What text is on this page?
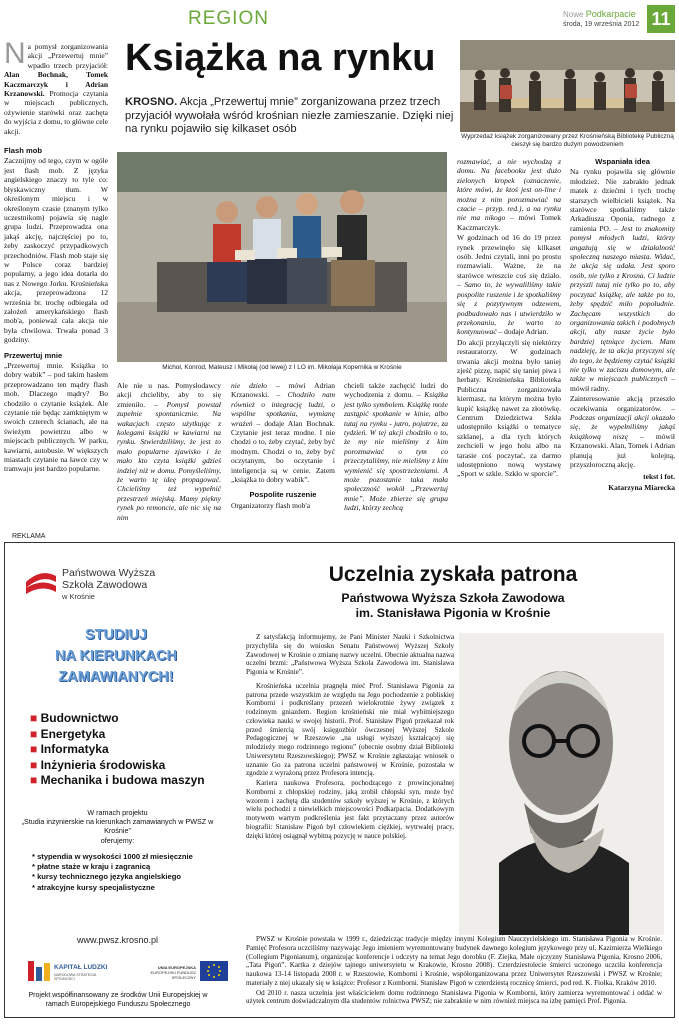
REGION	Nowe Podkarpacie
środa, 19 września 2012 11
Książka na rynku
KROSNO. Akcja „Przewertuj mnie” zorganizowana przez trzech przyjaciół wywołała wśród krośnian niezłe zamieszanie. Dzięki niej na rynku pojawiło się kilkaset osób
Wyprzedaż książek zorganizowany przez Krośnieńską Bibliotekę Publiczną cieszył się bardzo dużym powodzeniem

N a pomysł zorganizowania akcji „Przewertuj mnie” wpadło trzech przyjaciół: Alan Bochnak, Tomek Kaczmarczyk i Adrian Krzanowski. Promocja czytania w miejscach publicznych, ożywienie starówki oraz zachęta do wyjścia z domu, to główne cele akcji.

Flash mob

Zacznijmy od tego, czym w ogóle jest flash mob. Z języka angielskiego znaczy to tyle co: błyskawiczny tłum. W określonym miejscu i w określonym czasie (znanym tylko uczestnikom) pojawia się nagle grupa ludzi. Przeprowadza ona jakąś akcję, najczęściej po to, żeby zaskoczyć przypadkowych przechodniów. Flash mob staje się w Polsce coraz bardziej popularny, a jego idea dotarła do nas z Nowego Jorku. Krośnieńska akcja, przeprowadzona 12 września br. trochę odbiegała od założeń amerykańskiego flash mob'a, ponieważ cała akcja nie była chwilowa. Trwała ponad 3 godziny.

Przewertuj mnie

„Przewertuj mnie. Książka to dobry wabik” – pod takim hasłem przeprowadzano ten mądry flash mob. Dlaczego mądry? Bo chodziło o czytanie książek. Ale czytanie nie będąc zamkniętym w swoich czterech ścianach, ale na świeżym powietrzu albo w miejscach publicznych. W parku, kawiarni, autobusie. W większych miastach czytanie na ławce czy w tramwaju jest bardzo popularne.

Michoł, Konrod, Mateusz i Mikołaj (od lewej) z I LO im. Mikołaja Kopernika w Krośnie

Ale nie u nas. Pomysłodawcy akcji chcieliby, aby to się zmieniło. – Pomysł powstał zupełnie spontanicznie. Na wakacjach często użytkując z kolegami książki w kawiarni na rynku. Stwierdziliśmy, że jest to mało popularne zjawisko i że mało kto czyta książki gdzieś indziej niż w domu. Pomyśleliśmy, że warto tę ideę propagować. Chcieliśmy też wypełnić przestrzeń miejską. Mamy piękny rynek po remoncie, ale nic się na nim

nie dzieło – mówi Adrian Krzanowski. – Chodziło nam również o integrację ludzi, o wspólne spotkania, wymianę wrażeń – dodaje Alan Bochnak. Czytanie jest teraz modne. I nie chodzi o to, żeby czytać, żeby być modnym. Chodzi o to, żeby być oczytanym, bo oczytanie i inteligencja są w cenie. Zatem „książka to dobry wabik”.

Pospolite ruszenie

Organizatorzy flash mob'a

chcieli także zachęcić ludzi do wychodzenia z domu. – Książka jest tylko symbolem. Książkę może zastąpić spotkanie w kinie, albo tutaj na rynku - jutro, pojutrze, za tydzień. W tej akcji chodziło o to, że my nie mieliśmy z kim porozmawiać o tym co przeczytaliśmy, nie mieliśmy z kim wymienić się spostrzeżeniami. A może pozostanie taka mała społeczność wokół „Przewertuj mnie”. Może zbierze się grupa ludzi, którzy zechcą

rozmawiać, a nie wychodzą z domu. Na facebooku jest dużo zielonych kropek (oznaczenie, które mówi, że ktoś jest on-line i można z nim porozmawiać na czacie – przyp. red.), a na rynku nie ma nikogo – mówi Tomek Kaczmarczyk.

W godzinach od 16 do 19 przez rynek przewinęło się kilkaset osób. Jedni czytali, inni po prostu rozmawiali. Ważne, że na starówce wreszcie coś się działo. – Samo to, że wywaliliśmy takie pospolite ruszenie i że spotkaliśmy się z pozytywnym odzewem, podbudowało nas i utwierdziło w przekonaniu, że warto to kontynuować – dodaje Adrian.

Do akcji przyłączyli się niektórzy restauratorzy. W godzinach trwania akcji można było taniej zjeść pizzę, napić się taniej piwa i herbaty. Krośnieńska Biblioteka Publiczna zorganizowała kiermasz, na którym można było kupić książkę nawet za złotówkę. Centrum Dziedzictwa Szkła udostępniło książki o tematyce szklanej, a dla tych których zechcieli w jego holu albo na tarasie coś poczytać, za darmo udostępniono nową wystawę „Sport w szkle. Szkło w sporcie”.

Wspaniała idea

Na rynku pojawiła się głównie młodzież. Nie zabrakło jednak matek z dziećmi i tych trochę starszych wielbicieli książek. Na starówce spotkaliśmy także Arkadiusza Oponia, radnego z ramienia PO. – Jest to znakomity pomysł młodych ludzi, którzy angażują się w działalność społeczną naszego miasta. Widać, że akcja się udała. Jest sporo osób, nie tylko z Krosna. Ci ludzie przyszli tutaj nie tylko po to, aby poczytać książkę, ale także po to, żeby spędzić miło popołudnie. Zachęcam wszystkich do organizowania takich i podobnych akcji, aby nasze życie było bardziej tętniące życiem. Mam nadzieję, że ta akcja przyczyni się do tego, że będziemy czytać książki nie tylko w zaciszu domowym, ale także w miejscach publicznych – mówił radny.

Zainteresowanie akcją przeszło oczekiwania organizatorów. – Podczas organizacji akcji okazało się, że wypełniliśmy jakąś książkową niszę – mówił Krzanowski. Alan, Tomek i Adrian planują już kolejną, przyszłoroczną akcję.

tekst i fot.

Katarzyna Miarecka

REKLAMA
Państwowa Wyższa
Szkoła Zawodowa
w Krośnie
STUDIUJ
NA KIERUNKACH
ZAMAWIANYCH!
■ Budownictwo
■ Energetyka
■ Informatyka
■ Inżynieria środowiska
■ Mechanika i budowa maszyn
W ramach projektu
„Studia inżynierskie na kierunkach zamawianych w PWSZ w Krośnie”
oferujemy:
* stypendia w wysokości 1000 zł miesięcznie
* płatne staże w kraju i zagranicą
* kursy technicznego języka angielskiego
* atrakcyjne kursy specjalistyczne
www.pwsz.krosno.pl
KAPITAŁ LUDZKI
NARODOWA STRATEGIA SPÓJNOŚCI
UNIA EUROPEJSKA
EUROPEJSKI FUNDUSZ SPOŁECZNY
Projekt współfinansowany ze środków Unii Europejskiej w ramach Europejskiego Funduszu Społecznego
Uczelnia zyskała patrona
Państwowa Wyższa Szkoła Zawodowa
im. Stanisława Pigonia w Krośnie

Z satysfakcją informujemy, że Pani Minister Nauki i Szkolnictwa przychyliła się do wniosku Senatu Państwowej Wyższej Szkoły Zawodowej w Krośnie o zmianę nazwy uczelni. Obecnie aktualna nazwa uczelni brzmi: „Państwowa Wyższa Szkoła Zawodowa im. Stanisława Pigonia w Krośnie”.

Krośnieńska uczelnia pragnęła mieć Prof. Stanisława Pigonia za patrona przede wszystkim ze względu na Jego pochodzenie z pobliskiej Komborni i podkreślany przezeń wielokrotnie żywy związek z rodzinnym gniazdem. Region krośnieński nie miał wybitniejszego człowieka nauki w swojej historii. Prof. Stanisław Pigoń przekazał rok przed śmiercią swój księgozbiór ówczesnej Wyższej Szkole Pedagogicznej w Rzeszowie „na usługi wyższej kształcącej się młodzieży mego rodzinnego regionu” (obecnie osobny dział Biblioteki Uniwersytetu Rzeszowskiego); PWSZ w Krośnie zgłaszając wniosek o uznanie Go za patrona uczelni państwowej w Krośnie, pozostała w zgodzie z wyrażoną przez Profesora intencją.

Kariera naukowa Profesora, pochodzącego z prowincjonalnej Komborni z chłopskiej rodziny, jaką zrobił chłopski syn, może być wzorem i zachętą dla studentów szkoły wyższej w Krośnie, z których wielu pochodzi z niewielkich miejscowości Podkarpacia. Dodatkowym motywem wartym podkreślenia jest fakt przytaczany przez autorów biografii: Stanisław Pigoń był człowiekiem ciężkiej, wytrwałej pracy, dzięki której osiągnął wybitną pozycję w nauce polskiej.

PWSZ w Krośnie powstała w 1999 r., dziedzicząc tradycje między innymi Kolegium Nauczycielskiego im. Stanisława Pigonia w Krośnie. Pamięć Profesora uczciliśmy nazywając Jego imieniem wyremontowany budynek dawnego kolegium językowego przy ul. Kazimierza Wielkiego (Collegium Pigonianum), organizując konferencje i odczyty na temat Jego dorobku (F. Ziejka, Małe ojczyzny Stanisława Pigonia, Krosno 2006, „Tata Pigoń”. Kartka z dziejów tajnego uniwersytetu w Krakowie, Krosno 2008). Czterdziestolecie śmierci uczonego uczciła konferencja naukowa 13-14 listopada 2008 r. w Rzeszowie, Komborni i Krośnie, współorganizowana przez Uniwersytet Rzeszowski i PWSZ w Krośnie; materiały z niej ukazały się w książce: Profesor z Komborni. Stanisław Pigoń w czterdziestą rocznicę śmierci, pod red. K. Fiołka, Kraków 2010.

Od 2010 r. nasza uczelnia jest właścicielem domu rodzinnego Stanisława Pigonia w Komborni, który zamierza wyremontować i oddać w użytek centrum doświadczalnym dla studentów rolnictwa PWSZ; nie zabraknie w nim również miejsca na izbę pamięci Prof. Pigonia.
